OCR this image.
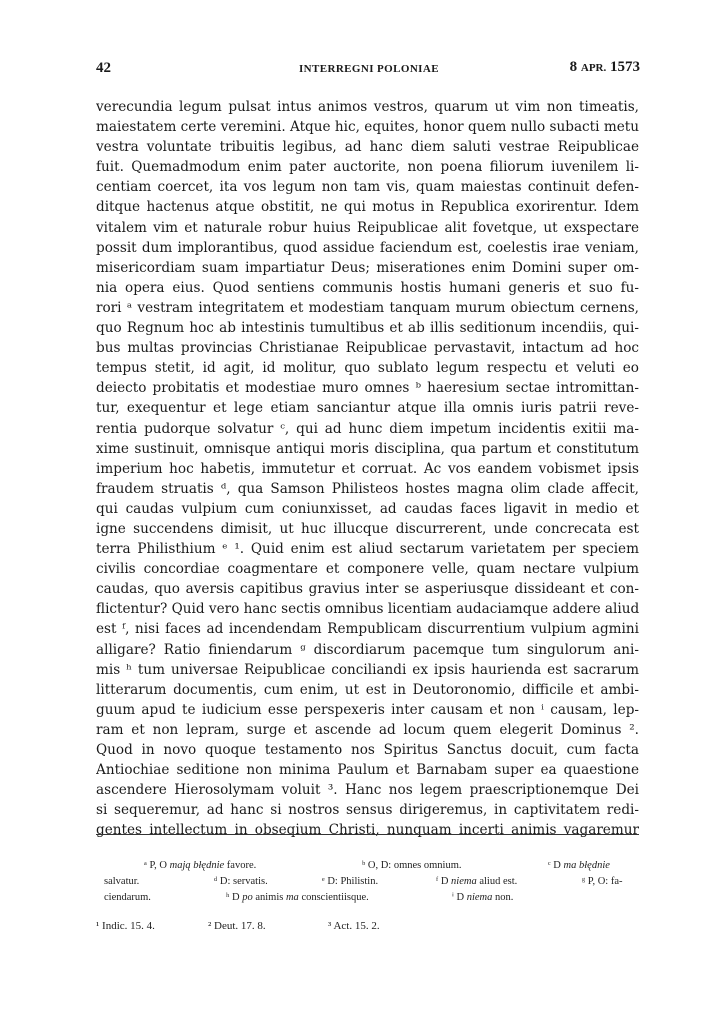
42	INTERREGNI POLONIAE	8 APR. 1573
verecundia legum pulsat intus animos vestros, quarum ut vim non timeatis,
maiestatem certe veremini. Atque hic, equites, honor quem nullo subacti metu
vestra voluntate tribuitis legibus, ad hanc diem saluti vestrae Reipublicae
fuit. Quemadmodum enim pater auctorite, non poena filiorum iuvenilem li-
centiam coercet, ita vos legum non tam vis, quam maiestas continuit defen-
ditque hactenus atque obstitit, ne qui motus in Republica exorirentur. Idem
vitalem vim et naturale robur huius Reipublicae alit fovetque, ut exspectare
possit dum implorantibus, quod assidue faciendum est, coelestis irae veniam,
misericordiam suam impartiatur Deus; miserationes enim Domini super om-
nia opera eius. Quod sentiens communis hostis humani generis et suo fu-
rori ᵃ vestram integritatem et modestiam tanquam murum obiectum cernens,
quo Regnum hoc ab intestinis tumultibus et ab illis seditionum incendiis, qui-
bus multas provincias Christianae Reipublicae pervastavit, intactum ad hoc
tempus stetit, id agit, id molitur, quo sublato legum respectu et veluti eo
deiecto probitatis et modestiae muro omnes ᵇ haeresium sectae intromittan-
tur, exequentur et lege etiam sanciantur atque illa omnis iuris patrii reve-
rentia pudorque solvatur ᶜ, qui ad hunc diem impetum incidentis exitii ma-
xime sustinuit, omnisque antiqui moris disciplina, qua partum et constitutum
imperium hoc habetis, immutetur et corruat. Ac vos eandem vobismet ipsis
fraudem struatis ᵈ, qua Samson Philisteos hostes magna olim clade affecit,
qui caudas vulpium cum coniunxisset, ad caudas faces ligavit in medio et
igne succendens dimisit, ut huc illucque discurrerent, unde concrecata est
terra Philisthium ᵉ ¹. Quid enim est aliud sectarum varietatem per speciem
civilis concordiae coagmentare et componere velle, quam nectare vulpium
caudas, quo aversis capitibus gravius inter se asperiusque dissideant et con-
flictentur? Quid vero hanc sectis omnibus licentiam audaciamque addere aliud
est ᶠ, nisi faces ad incendendam Rempublicam discurrentium vulpium agmini
alligare? Ratio finiendarum ᵍ discordiarum pacemque tum singulorum ani-
mis ʰ tum universae Reipublicae conciliandi ex ipsis haurienda est sacrarum
litterarum documentis, cum enim, ut est in Deutoronomio, difficile et ambi-
guum apud te iudicium esse perspexeris inter causam et non ⁱ causam, lep-
ram et non lepram, surge et ascende ad locum quem elegerit Dominus ².
Quod in novo quoque testamento nos Spiritus Sanctus docuit, cum facta
Antiochiae seditione non minima Paulum et Barnabam super ea quaestione
ascendere Hierosolymam voluit ³. Hanc nos legem praescriptionemque Dei
si sequeremur, ad hanc si nostros sensus dirigeremus, in captivitatem redi-
gentes intellectum in obseqium Christi, nunquam incerti animis vagaremur
ᵃ P, O mają błędnie favore.	ᵇ O, D: omnes omnium.	ᶜ D ma błędnie
salvatur.	ᵈ D: servatis.	ᵉ D: Philistin.	ᶠ D niema aliud est.	ᵍ P, O: fa-
ciendarum.	ʰ D po animis ma conscientiisque.	ⁱ D niema non.
¹ Indic. 15. 4.	² Deut. 17. 8.	³ Act. 15. 2.
